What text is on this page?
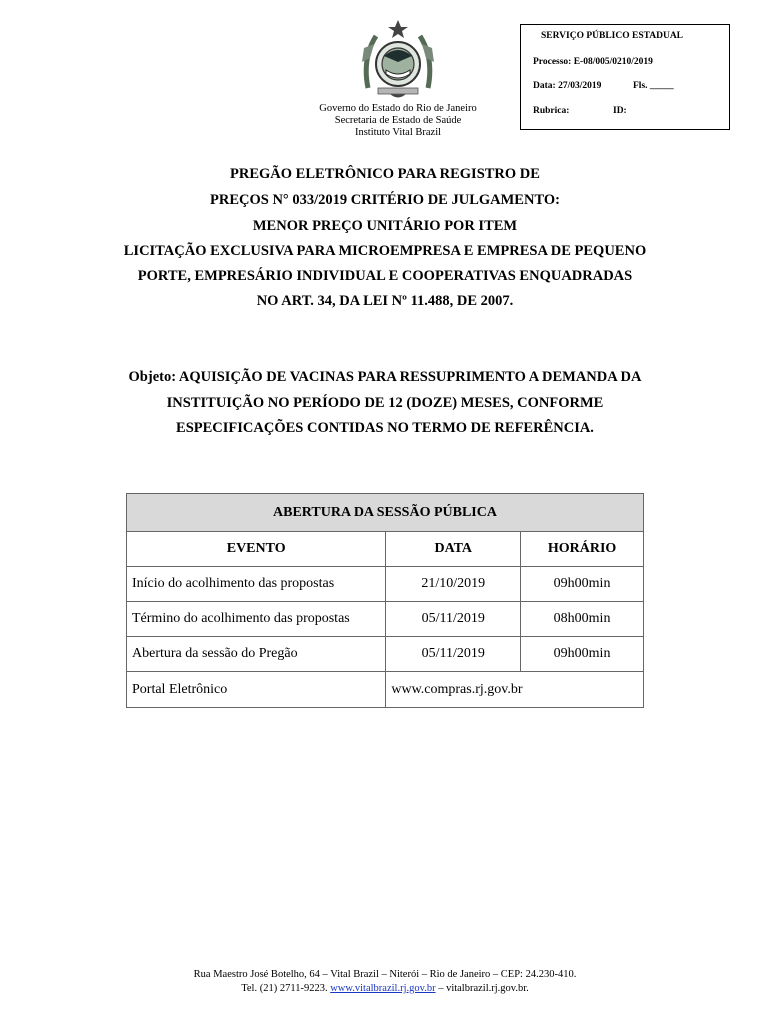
Governo do Estado do Rio de Janeiro
Secretaria de Estado de Saúde
Instituto Vital Brazil
SERVIÇO PÚBLICO ESTADUAL
Processo: E-08/005/0210/2019
Data: 27/03/2019	Fls. _____
Rubrica:	ID:
PREGÃO ELETRÔNICO PARA REGISTRO DE
PREÇOS N° 033/2019 CRITÉRIO DE JULGAMENTO:
MENOR PREÇO UNITÁRIO POR ITEM
LICITAÇÃO EXCLUSIVA PARA MICROEMPRESA E EMPRESA DE PEQUENO
PORTE, EMPRESÁRIO INDIVIDUAL E COOPERATIVAS ENQUADRADAS
NO ART. 34, DA LEI Nº 11.488, DE 2007.
Objeto: AQUISIÇÃO DE VACINAS PARA RESSUPRIMENTO A DEMANDA DA
INSTITUIÇÃO NO PERÍODO DE 12 (DOZE) MESES, CONFORME
ESPECIFICAÇÕES CONTIDAS NO TERMO DE REFERÊNCIA.
ABERTURA DA SESSÃO PÚBLICA		
EVENTO	DATA	HORÁRIO
Início do acolhimento das propostas	21/10/2019	09h00min
Término do acolhimento das propostas	05/11/2019	08h00min
Abertura da sessão do Pregão	05/11/2019	09h00min
Portal Eletrônico	www.compras.rj.gov.br	
Rua Maestro José Botelho, 64 – Vital Brazil – Niterói – Rio de Janeiro – CEP: 24.230-410.
Tel. (21) 2711-9223. www.vitalbrazil.rj.gov.br – vitalbrazil.rj.gov.br.
